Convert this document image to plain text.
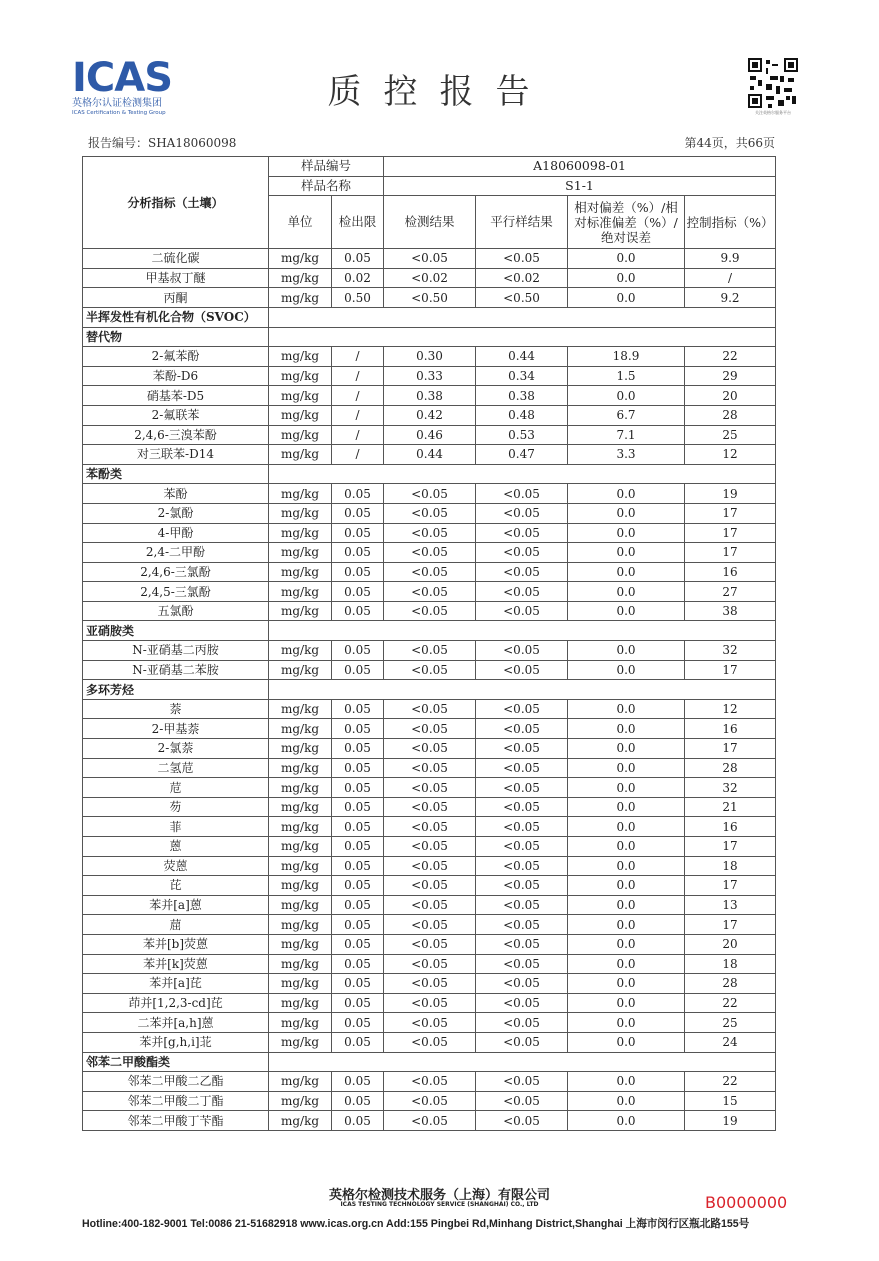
ICAS
英格尔认证检测集团
ICAS Certification & Testing Group
质控报告
关注英格尔服务平台
报告编号：SHA18060098	第44页，共66页
分析指标（土壤）	样品编号		A18060098-01			
	样品名称		S1-1			
	单位	检出限	检测结果	平行样结果	相对偏差（%）/相对标准偏差（%）/绝对误差	控制指标（%）
二硫化碳	mg/kg	0.05	<0.05	<0.05	0.0	9.9
甲基叔丁醚	mg/kg	0.02	<0.02	<0.02	0.0	/
丙酮	mg/kg	0.50	<0.50	<0.50	0.0	9.2
半挥发性有机化合物（SVOC）						
替代物						
2-氟苯酚	mg/kg	/	0.30	0.44	18.9	22
苯酚-D6	mg/kg	/	0.33	0.34	1.5	29
硝基苯-D5	mg/kg	/	0.38	0.38	0.0	20
2-氟联苯	mg/kg	/	0.42	0.48	6.7	28
2,4,6-三溴苯酚	mg/kg	/	0.46	0.53	7.1	25
对三联苯-D14	mg/kg	/	0.44	0.47	3.3	12
苯酚类						
苯酚	mg/kg	0.05	<0.05	<0.05	0.0	19
2-氯酚	mg/kg	0.05	<0.05	<0.05	0.0	17
4-甲酚	mg/kg	0.05	<0.05	<0.05	0.0	17
2,4-二甲酚	mg/kg	0.05	<0.05	<0.05	0.0	17
2,4,6-三氯酚	mg/kg	0.05	<0.05	<0.05	0.0	16
2,4,5-三氯酚	mg/kg	0.05	<0.05	<0.05	0.0	27
五氯酚	mg/kg	0.05	<0.05	<0.05	0.0	38
亚硝胺类						
N-亚硝基二丙胺	mg/kg	0.05	<0.05	<0.05	0.0	32
N-亚硝基二苯胺	mg/kg	0.05	<0.05	<0.05	0.0	17
多环芳烃						
萘	mg/kg	0.05	<0.05	<0.05	0.0	12
2-甲基萘	mg/kg	0.05	<0.05	<0.05	0.0	16
2-氯萘	mg/kg	0.05	<0.05	<0.05	0.0	17
二氢苊	mg/kg	0.05	<0.05	<0.05	0.0	28
苊	mg/kg	0.05	<0.05	<0.05	0.0	32
芴	mg/kg	0.05	<0.05	<0.05	0.0	21
菲	mg/kg	0.05	<0.05	<0.05	0.0	16
蒽	mg/kg	0.05	<0.05	<0.05	0.0	17
荧蒽	mg/kg	0.05	<0.05	<0.05	0.0	18
芘	mg/kg	0.05	<0.05	<0.05	0.0	17
苯并[a]蒽	mg/kg	0.05	<0.05	<0.05	0.0	13
䓛	mg/kg	0.05	<0.05	<0.05	0.0	17
苯并[b]荧蒽	mg/kg	0.05	<0.05	<0.05	0.0	20
苯并[k]荧蒽	mg/kg	0.05	<0.05	<0.05	0.0	18
苯并[a]芘	mg/kg	0.05	<0.05	<0.05	0.0	28
茚并[1,2,3-cd]芘	mg/kg	0.05	<0.05	<0.05	0.0	22
二苯并[a,h]蒽	mg/kg	0.05	<0.05	<0.05	0.0	25
苯并[g,h,i]苝	mg/kg	0.05	<0.05	<0.05	0.0	24
邻苯二甲酸酯类						
邻苯二甲酸二乙酯	mg/kg	0.05	<0.05	<0.05	0.0	22
邻苯二甲酸二丁酯	mg/kg	0.05	<0.05	<0.05	0.0	15
邻苯二甲酸丁苄酯	mg/kg	0.05	<0.05	<0.05	0.0	19
英格尔检测技术服务（上海）有限公司
ICAS TESTING TECHNOLOGY SERVICE (SHANGHAI) CO., LTD	B0000000
Hotline:400-182-9001 Tel:0086 21-51682918 www.icas.org.cn Add:155 Pingbei Rd,Minhang District,Shanghai 上海市闵行区瓶北路155号
